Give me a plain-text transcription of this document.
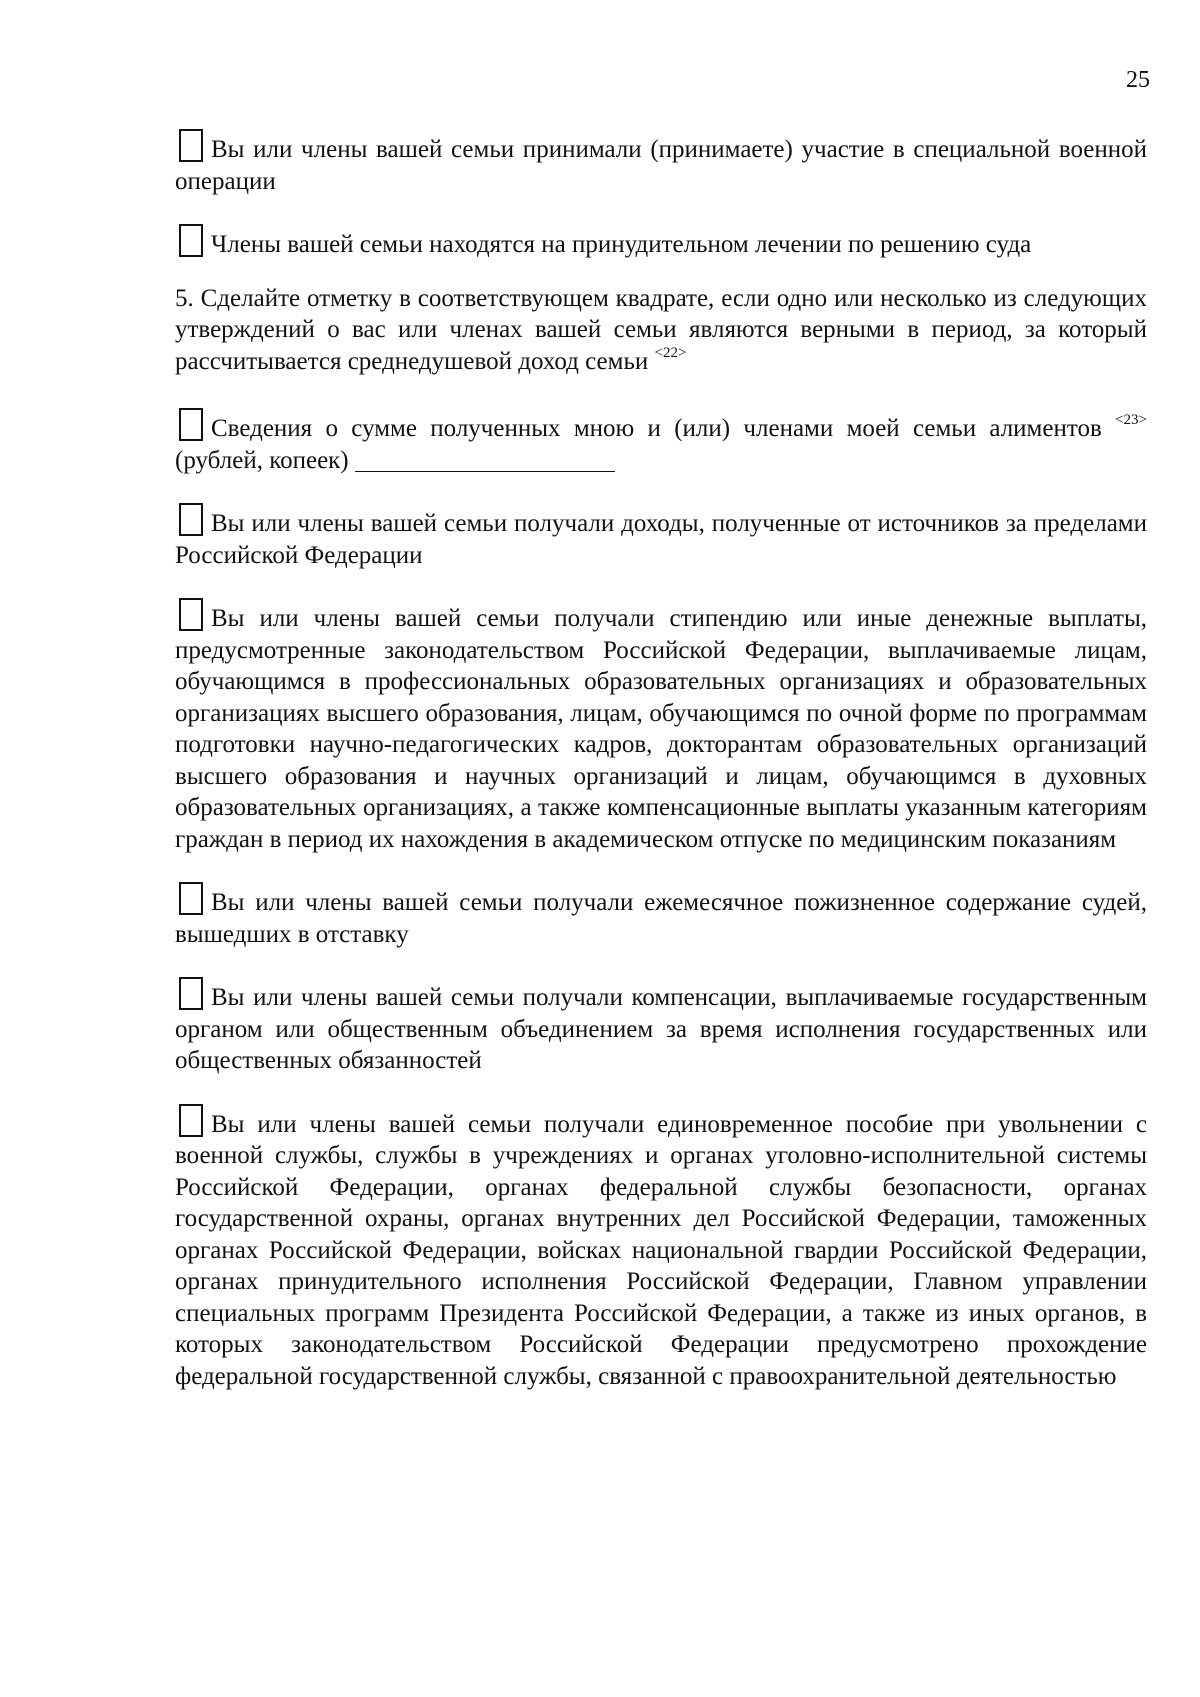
25

Вы или члены вашей семьи принимали (принимаете) участие в специальной военной операции

Члены вашей семьи находятся на принудительном лечении по решению суда

5. Сделайте отметку в соответствующем квадрате, если одно или несколько из следующих утверждений о вас или членах вашей семьи являются верными в период, за который рассчитывается среднедушевой доход семьи $^{<22>}$

Сведения о сумме полученных мною и (или) членами моей семьи алиментов $^{<23>}$ (рублей, копеек)

Вы или члены вашей семьи получали доходы, полученные от источников за пределами Российской Федерации

Вы или члены вашей семьи получали стипендию или иные денежные выплаты, предусмотренные законодательством Российской Федерации, выплачиваемые лицам, обучающимся в профессиональных образовательных организациях и образовательных организациях высшего образования, лицам, обучающимся по очной форме по программам подготовки научно-педагогических кадров, докторантам образовательных организаций высшего образования и научных организаций и лицам, обучающимся в духовных образовательных организациях, а также компенсационные выплаты указанным категориям граждан в период их нахождения в академическом отпуске по медицинским показаниям

Вы или члены вашей семьи получали ежемесячное пожизненное содержание судей, вышедших в отставку

Вы или члены вашей семьи получали компенсации, выплачиваемые государственным органом или общественным объединением за время исполнения государственных или общественных обязанностей

Вы или члены вашей семьи получали единовременное пособие при увольнении с военной службы, службы в учреждениях и органах уголовно-исполнительной системы Российской Федерации, органах федеральной службы безопасности, органах государственной охраны, органах внутренних дел Российской Федерации, таможенных органах Российской Федерации, войсках национальной гвардии Российской Федерации, органах принудительного исполнения Российской Федерации, Главном управлении специальных программ Президента Российской Федерации, а также из иных органов, в которых законодательством Российской Федерации предусмотрено прохождение федеральной государственной службы, связанной с правоохранительной деятельностью
